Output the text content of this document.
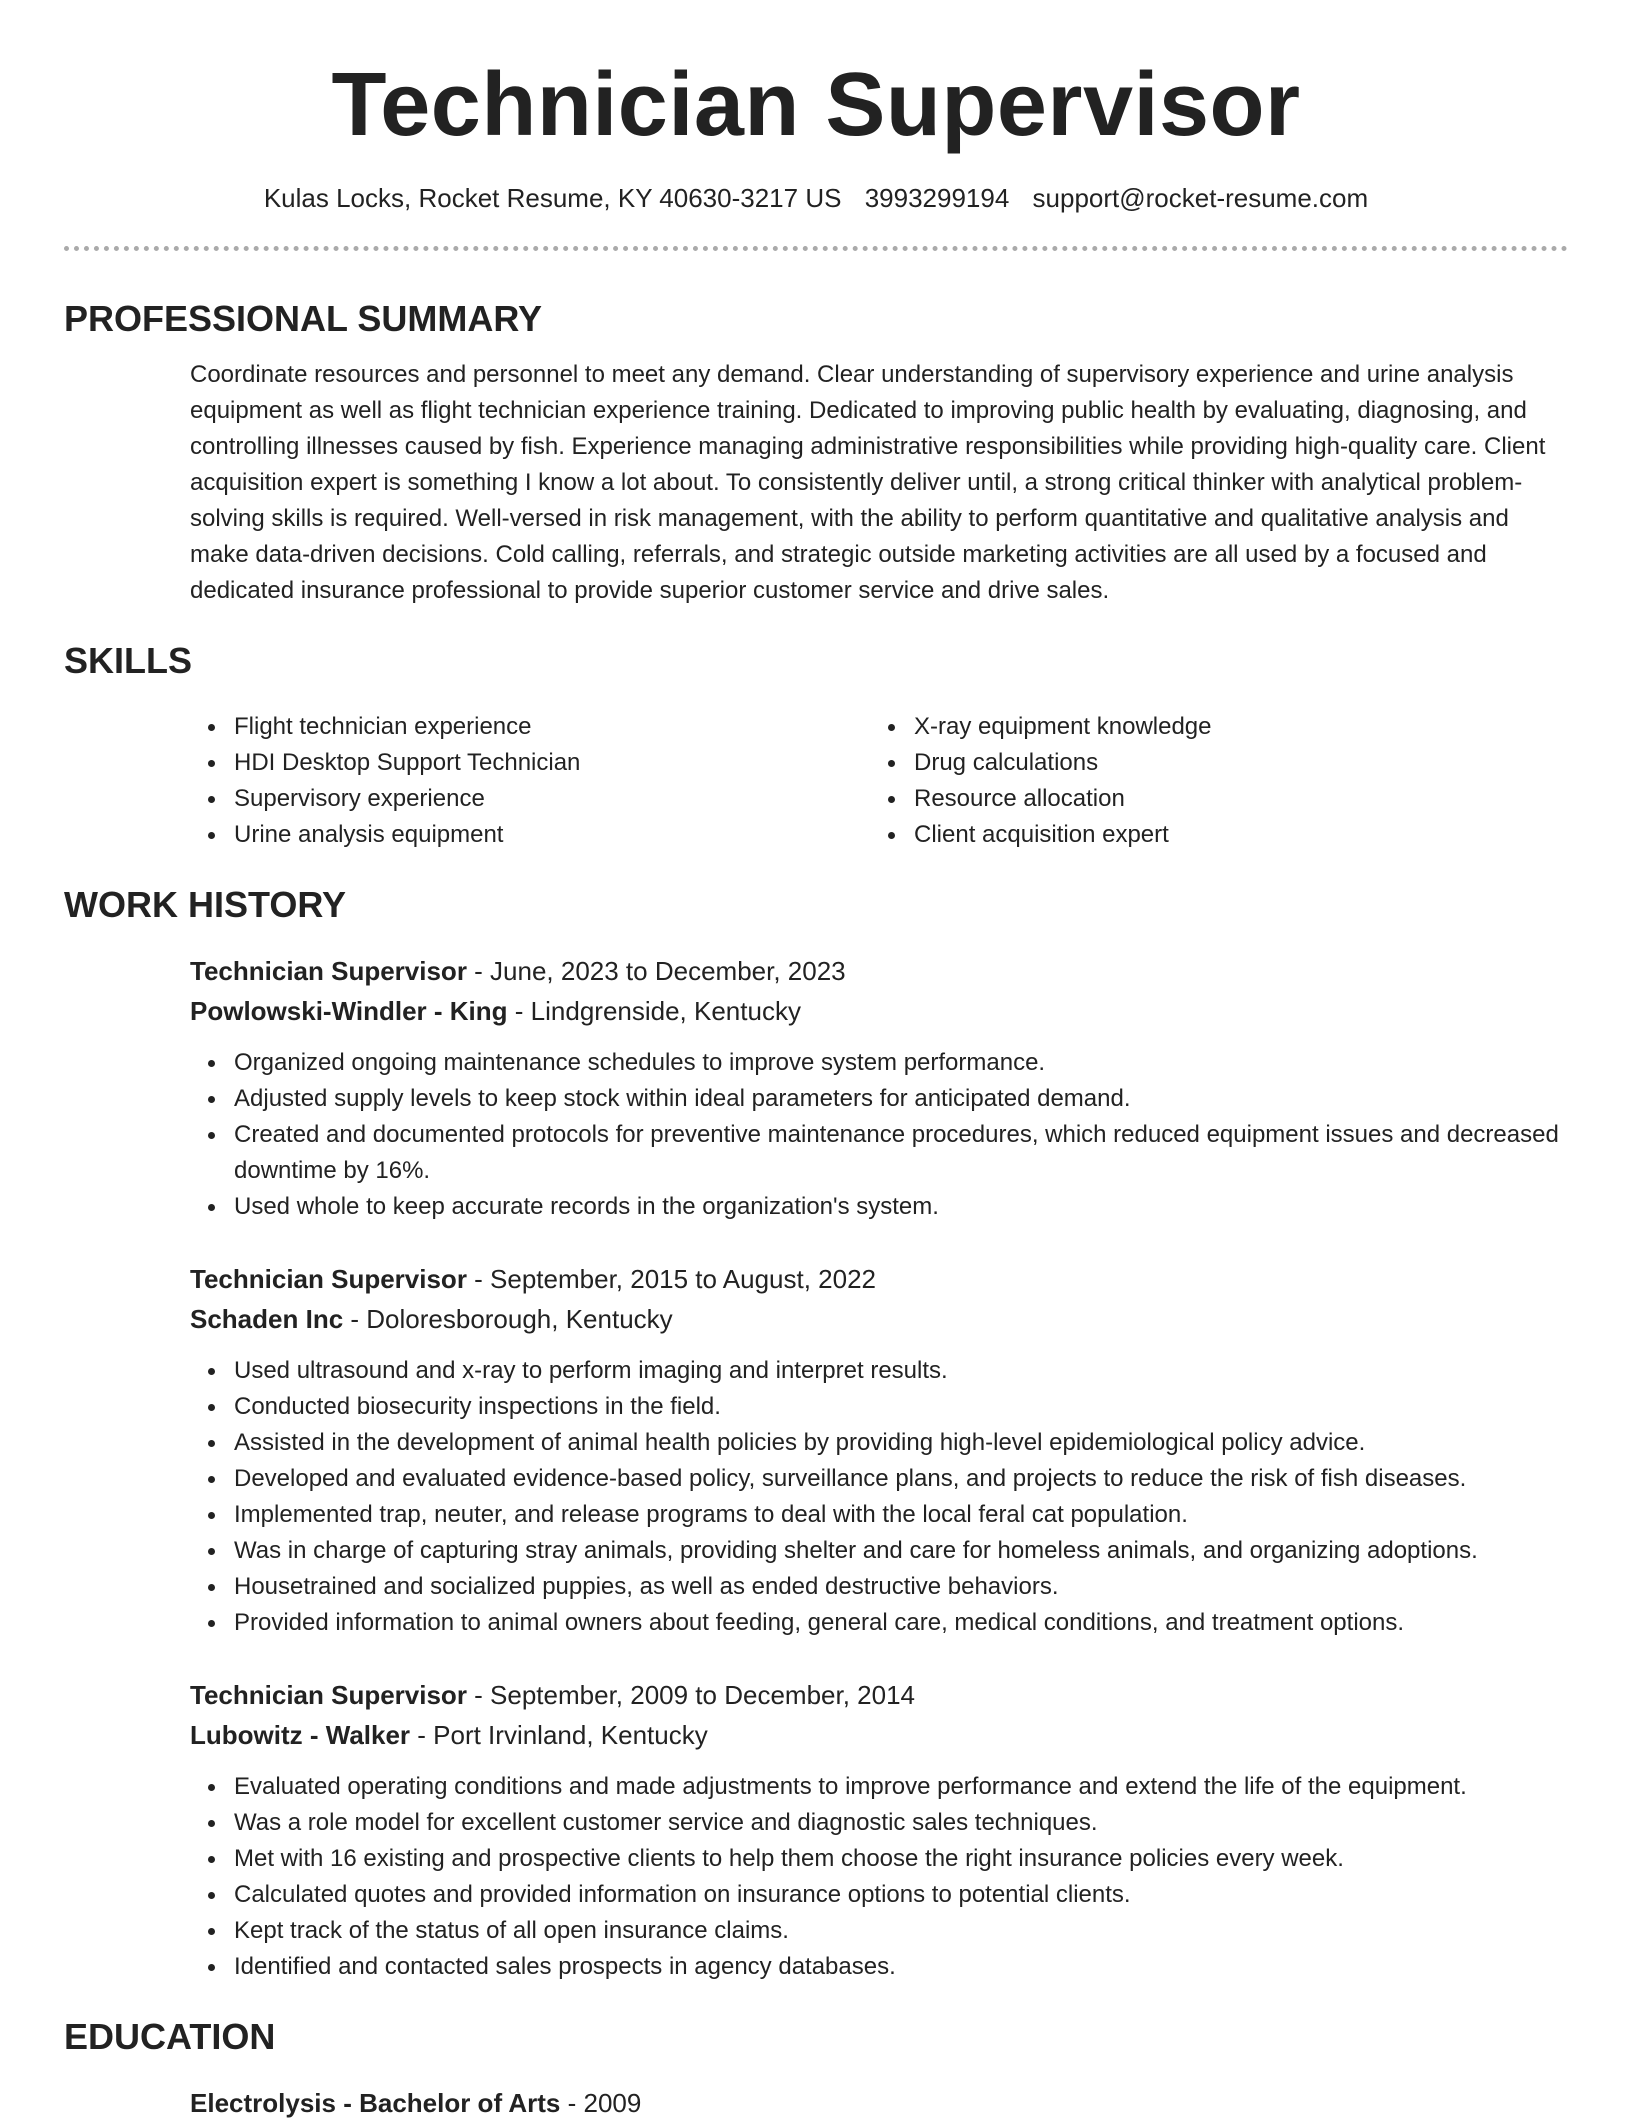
Technician Supervisor
Kulas Locks, Rocket Resume, KY 40630-3217 US 3993299194 support@rocket-resume.com
PROFESSIONAL SUMMARY

Coordinate resources and personnel to meet any demand. Clear understanding of supervisory experience and urine analysis equipment as well as flight technician experience training. Dedicated to improving public health by evaluating, diagnosing, and controlling illnesses caused by fish. Experience managing administrative responsibilities while providing high-quality care. Client acquisition expert is something I know a lot about. To consistently deliver until, a strong critical thinker with analytical problem-solving skills is required. Well-versed in risk management, with the ability to perform quantitative and qualitative analysis and make data-driven decisions. Cold calling, referrals, and strategic outside marketing activities are all used by a focused and dedicated insurance professional to provide superior customer service and drive sales.

SKILLS
Flight technician experience	X-ray equipment knowledge
HDI Desktop Support Technician	Drug calculations
Supervisory experience	Resource allocation
Urine analysis equipment	Client acquisition expert
WORK HISTORY
Technician Supervisor - June, 2023 to December, 2023
Powlowski-Windler - King - Lindgrenside, Kentucky
Organized ongoing maintenance schedules to improve system performance.
Adjusted supply levels to keep stock within ideal parameters for anticipated demand.
Created and documented protocols for preventive maintenance procedures, which reduced equipment issues and decreased downtime by 16%.
Used whole to keep accurate records in the organization's system.
Technician Supervisor - September, 2015 to August, 2022
Schaden Inc - Doloresborough, Kentucky
Used ultrasound and x-ray to perform imaging and interpret results.
Conducted biosecurity inspections in the field.
Assisted in the development of animal health policies by providing high-level epidemiological policy advice.
Developed and evaluated evidence-based policy, surveillance plans, and projects to reduce the risk of fish diseases.
Implemented trap, neuter, and release programs to deal with the local feral cat population.
Was in charge of capturing stray animals, providing shelter and care for homeless animals, and organizing adoptions.
Housetrained and socialized puppies, as well as ended destructive behaviors.
Provided information to animal owners about feeding, general care, medical conditions, and treatment options.
Technician Supervisor - September, 2009 to December, 2014
Lubowitz - Walker - Port Irvinland, Kentucky
Evaluated operating conditions and made adjustments to improve performance and extend the life of the equipment.
Was a role model for excellent customer service and diagnostic sales techniques.
Met with 16 existing and prospective clients to help them choose the right insurance policies every week.
Calculated quotes and provided information on insurance options to potential clients.
Kept track of the status of all open insurance claims.
Identified and contacted sales prospects in agency databases.
EDUCATION
Electrolysis - Bachelor of Arts - 2009
